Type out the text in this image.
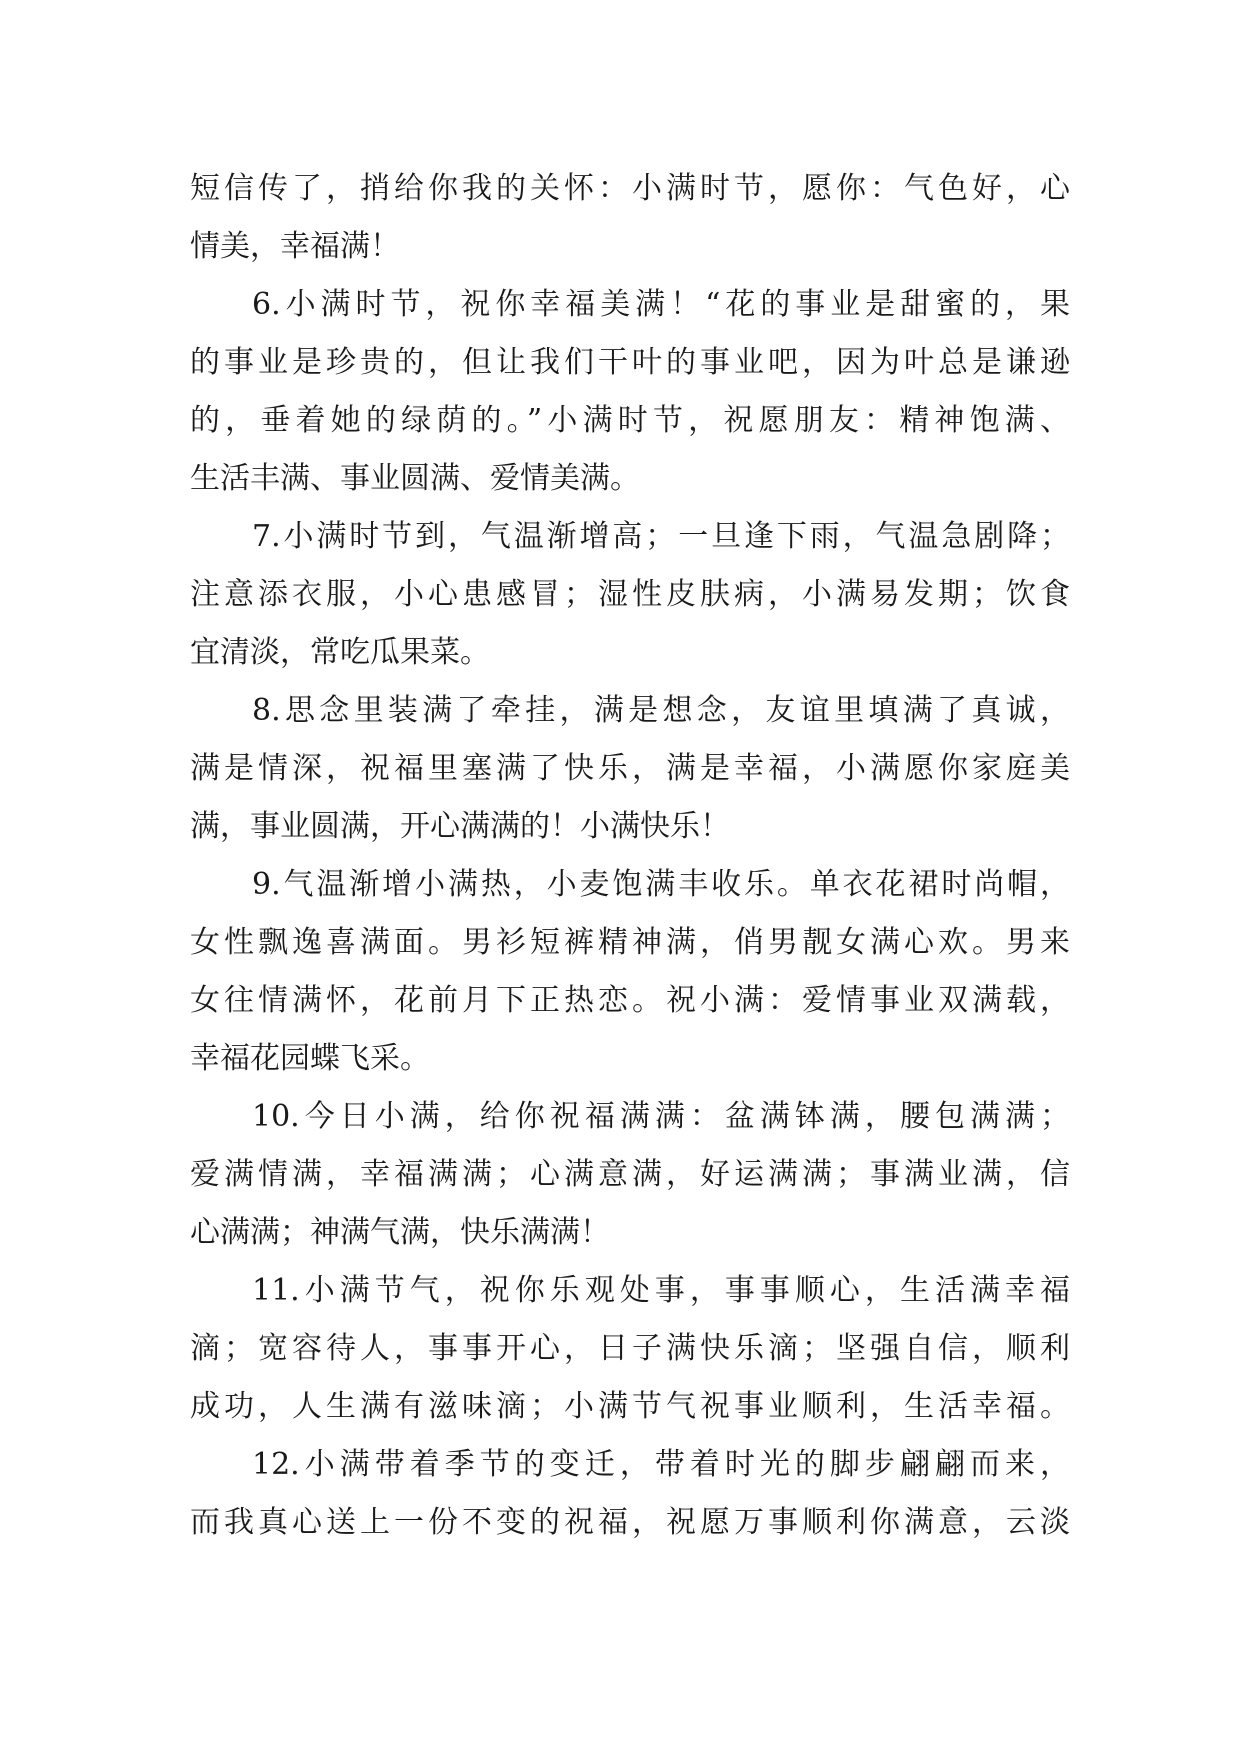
短信传了，捎给你我的关怀：小满时节，愿你：气色好，心
情美，幸福满！
6.小满时节，祝你幸福美满！“花的事业是甜蜜的，果
的事业是珍贵的，但让我们干叶的事业吧，因为叶总是谦逊
的，垂着她的绿荫的。”小满时节，祝愿朋友：精神饱满、
生活丰满、事业圆满、爱情美满。
7.小满时节到，气温渐增高；一旦逢下雨，气温急剧降；
注意添衣服，小心患感冒；湿性皮肤病，小满易发期；饮食
宜清淡，常吃瓜果菜。
8.思念里装满了牵挂，满是想念，友谊里填满了真诚，
满是情深，祝福里塞满了快乐，满是幸福，小满愿你家庭美
满，事业圆满，开心满满的！小满快乐！
9.气温渐增小满热，小麦饱满丰收乐。单衣花裙时尚帽，
女性飘逸喜满面。男衫短裤精神满，俏男靓女满心欢。男来
女往情满怀，花前月下正热恋。祝小满：爱情事业双满载，
幸福花园蝶飞采。
10.今日小满，给你祝福满满：盆满钵满，腰包满满；
爱满情满，幸福满满；心满意满，好运满满；事满业满，信
心满满；神满气满，快乐满满！
11.小满节气，祝你乐观处事，事事顺心，生活满幸福
滴；宽容待人，事事开心，日子满快乐滴；坚强自信，顺利
成功，人生满有滋味滴；小满节气祝事业顺利，生活幸福。
12.小满带着季节的变迁，带着时光的脚步翩翩而来，
而我真心送上一份不变的祝福，祝愿万事顺利你满意，云淡
